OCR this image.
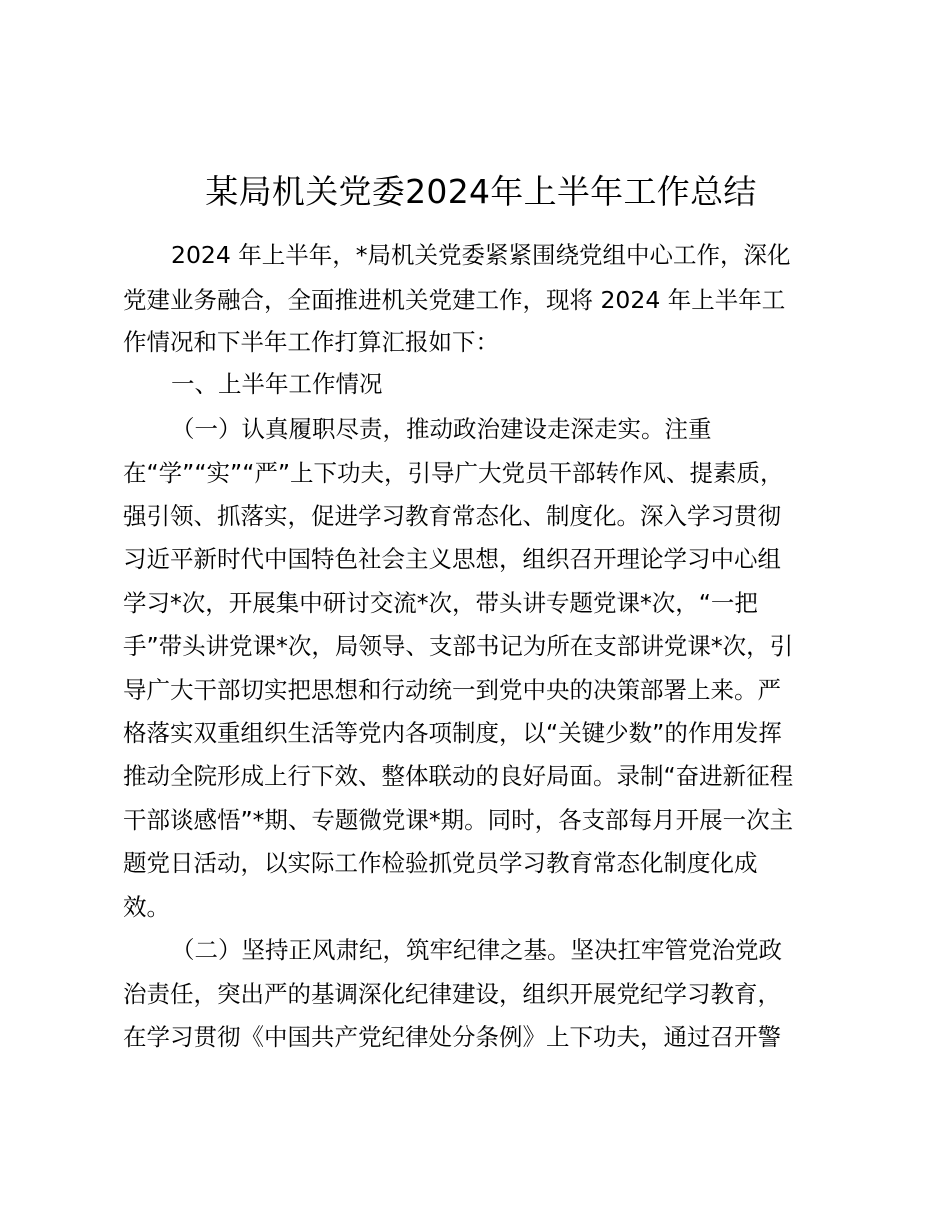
某局机关党委2024年上半年工作总结
2024 年上半年，*局机关党委紧紧围绕党组中心工作，深化
党建业务融合，全面推进机关党建工作，现将 2024 年上半年工
作情况和下半年工作打算汇报如下：
一、上半年工作情况
（一）认真履职尽责，推动政治建设走深走实。注重
在“学”“实”“严”上下功夫，引导广大党员干部转作风、提素质，
强引领、抓落实，促进学习教育常态化、制度化。深入学习贯彻
习近平新时代中国特色社会主义思想，组织召开理论学习中心组
学习*次，开展集中研讨交流*次，带头讲专题党课*次，“一把
手”带头讲党课*次，局领导、支部书记为所在支部讲党课*次，引
导广大干部切实把思想和行动统一到党中央的决策部署上来。严
格落实双重组织生活等党内各项制度，以“关键少数”的作用发挥
推动全院形成上行下效、整体联动的良好局面。录制“奋进新征程
干部谈感悟”*期、专题微党课*期。同时，各支部每月开展一次主
题党日活动，以实际工作检验抓党员学习教育常态化制度化成
效。
（二）坚持正风肃纪，筑牢纪律之基。坚决扛牢管党治党政
治责任，突出严的基调深化纪律建设，组织开展党纪学习教育，
在学习贯彻《中国共产党纪律处分条例》上下功夫，通过召开警
